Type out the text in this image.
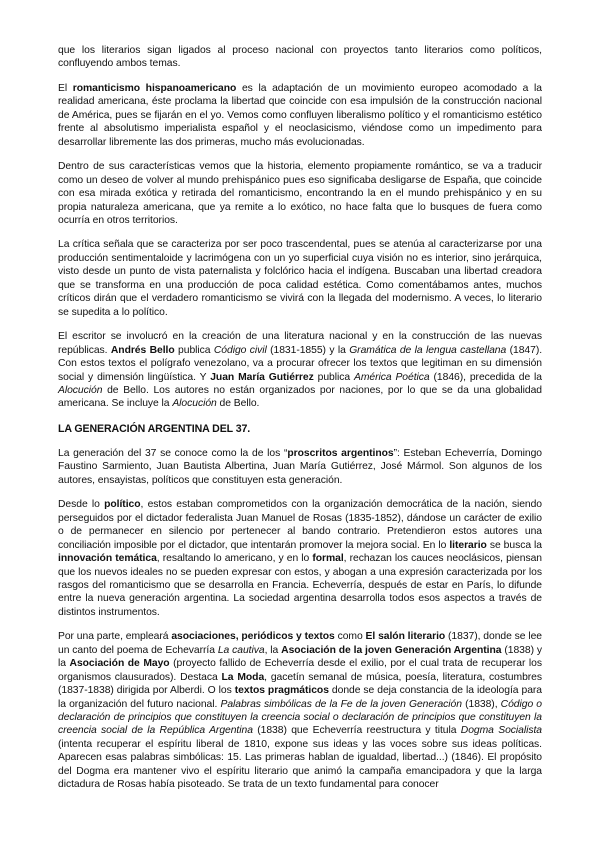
que los literarios sigan ligados al proceso nacional con proyectos tanto literarios como políticos, confluyendo ambos temas.

El romanticismo hispanoamericano es la adaptación de un movimiento europeo acomodado a la realidad americana, éste proclama la libertad que coincide con esa impulsión de la construcción nacional de América, pues se fijarán en el yo. Vemos como confluyen liberalismo político y el romanticismo estético frente al absolutismo imperialista español y el neoclasicismo, viéndose como un impedimento para desarrollar libremente las dos primeras, mucho más evolucionadas.

Dentro de sus características vemos que la historia, elemento propiamente romántico, se va a traducir como un deseo de volver al mundo prehispánico pues eso significaba desligarse de España, que coincide con esa mirada exótica y retirada del romanticismo, encontrando la en el mundo prehispánico y en su propia naturaleza americana, que ya remite a lo exótico, no hace falta que lo busques de fuera como ocurría en otros territorios.

La crítica señala que se caracteriza por ser poco trascendental, pues se atenúa al caracterizarse por una producción sentimentaloide y lacrimógena con un yo superficial cuya visión no es interior, sino jerárquica, visto desde un punto de vista paternalista y folclórico hacia el indígena. Buscaban una libertad creadora que se transforma en una producción de poca calidad estética. Como comentábamos antes, muchos críticos dirán que el verdadero romanticismo se vivirá con la llegada del modernismo. A veces, lo literario se supedita a lo político.

El escritor se involucró en la creación de una literatura nacional y en la construcción de las nuevas repúblicas. Andrés Bello publica Código civil (1831-1855) y la Gramática de la lengua castellana (1847). Con estos textos el polígrafo venezolano, va a procurar ofrecer los textos que legitiman en su dimensión social y dimensión lingüística. Y Juan María Gutiérrez publica América Poética (1846), precedida de la Alocución de Bello. Los autores no están organizados por naciones, por lo que se da una globalidad americana. Se incluye la Alocución de Bello.

LA GENERACIÓN ARGENTINA DEL 37.

La generación del 37 se conoce como la de los “proscritos argentinos”: Esteban Echeverría, Domingo Faustino Sarmiento, Juan Bautista Albertina, Juan María Gutiérrez, José Mármol. Son algunos de los autores, ensayistas, políticos que constituyen esta generación.

Desde lo político, estos estaban comprometidos con la organización democrática de la nación, siendo perseguidos por el dictador federalista Juan Manuel de Rosas (1835-1852), dándose un carácter de exilio o de permanecer en silencio por pertenecer al bando contrario. Pretendieron estos autores una conciliación imposible por el dictador, que intentarán promover la mejora social. En lo literario se busca la innovación temática, resaltando lo americano, y en lo formal, rechazan los cauces neoclásicos, piensan que los nuevos ideales no se pueden expresar con estos, y abogan a una expresión caracterizada por los rasgos del romanticismo que se desarrolla en Francia. Echeverría, después de estar en París, lo difunde entre la nueva generación argentina. La sociedad argentina desarrolla todos esos aspectos a través de distintos instrumentos.

Por una parte, empleará asociaciones, periódicos y textos como El salón literario (1837), donde se lee un canto del poema de Echevarría La cautiva, la Asociación de la joven Generación Argentina (1838) y la Asociación de Mayo (proyecto fallido de Echeverría desde el exilio, por el cual trata de recuperar los organismos clausurados). Destaca La Moda, gacetín semanal de música, poesía, literatura, costumbres (1837-1838) dirigida por Alberdi. O los textos pragmáticos donde se deja constancia de la ideología para la organización del futuro nacional. Palabras simbólicas de la Fe de la joven Generación (1838), Código o declaración de principios que constituyen la creencia social o declaración de principios que constituyen la creencia social de la República Argentina (1838) que Echeverría reestructura y titula Dogma Socialista (intenta recuperar el espíritu liberal de 1810, expone sus ideas y las voces sobre sus ideas políticas. Aparecen esas palabras simbólicas: 15. Las primeras hablan de igualdad, libertad...) (1846). El propósito del Dogma era mantener vivo el espíritu literario que animó la campaña emancipadora y que la larga dictadura de Rosas había pisoteado. Se trata de un texto fundamental para conocer
